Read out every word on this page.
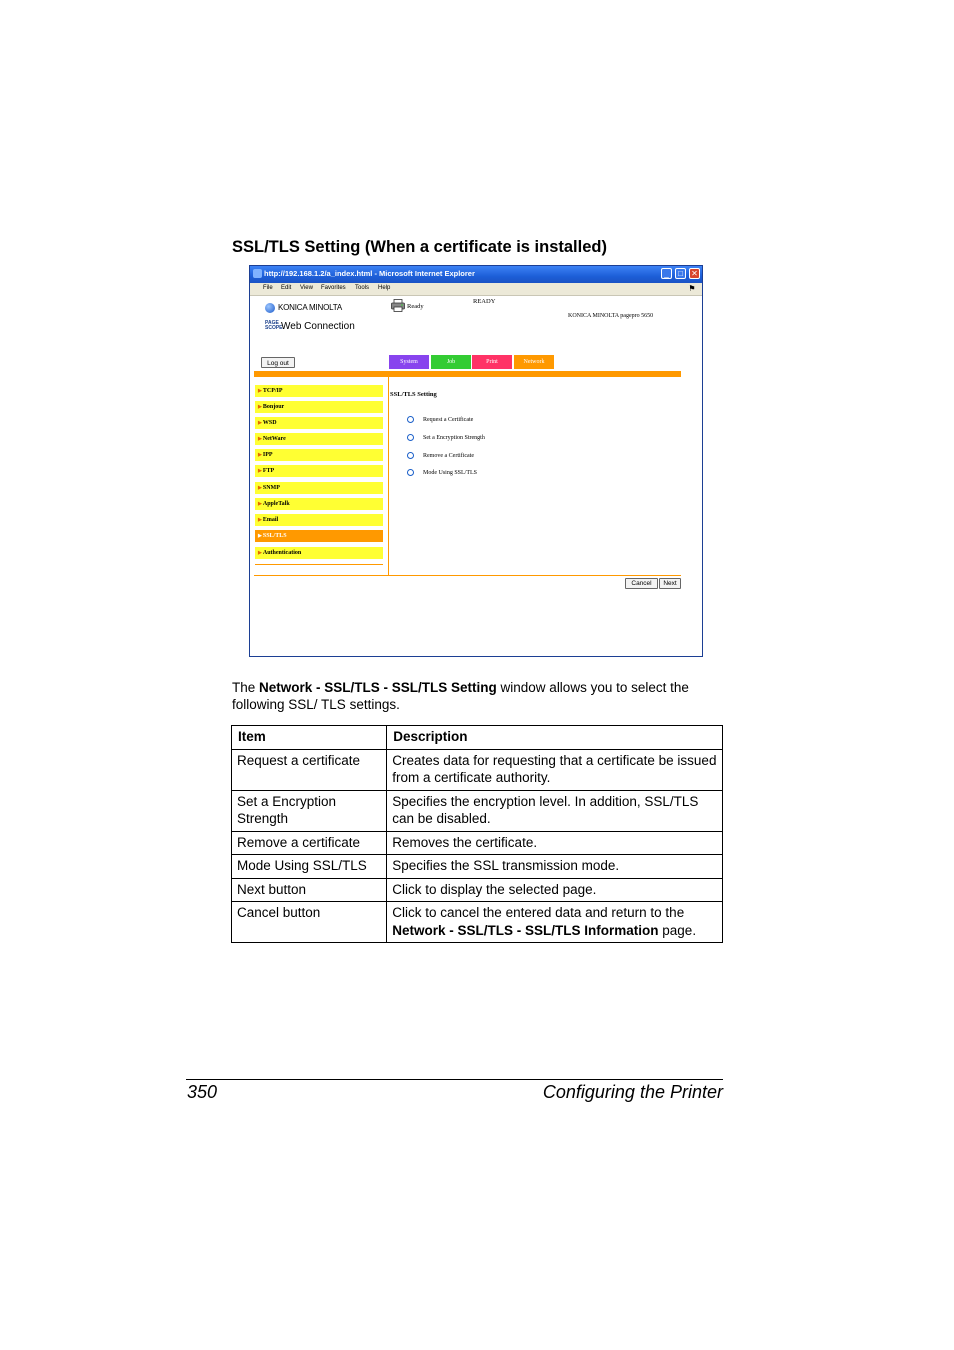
SSL/TLS Setting (When a certificate is installed)
http://192.168.1.2/a_index.html - Microsoft Internet Explorer	_	□	✕
File Edit View Favorites Tools Help	⚑
KONICA MINOLTA
PAGE SCOPEWeb Connection
Ready
READY
KONICA MINOLTA pagepro 5650
Log out	System	Job	Print	Network
▶TCP/IP
▶Bonjour
▶WSD
▶NetWare
▶IPP
▶FTP
▶SNMP
▶AppleTalk
▶Email
▶SSL/TLS
▶Authentication
SSL/TLS Setting
Request a Certificate
Set a Encryption Strength
Remove a Certificate
Mode Using SSL/TLS
Cancel	Next
The Network - SSL/TLS - SSL/TLS Setting window allows you to select the following SSL/ TLS settings.
Item	Description
Request a certificate	Creates data for requesting that a certificate be issued from a certificate authority.
Set a Encryption Strength	Specifies the encryption level. In addition, SSL/TLS can be disabled.
Remove a certificate	Removes the certificate.
Mode Using SSL/TLS	Specifies the SSL transmission mode.
Next button	Click to display the selected page.
Cancel button	Click to cancel the entered data and return to the Network - SSL/TLS - SSL/TLS Information page.
350	Configuring the Printer
